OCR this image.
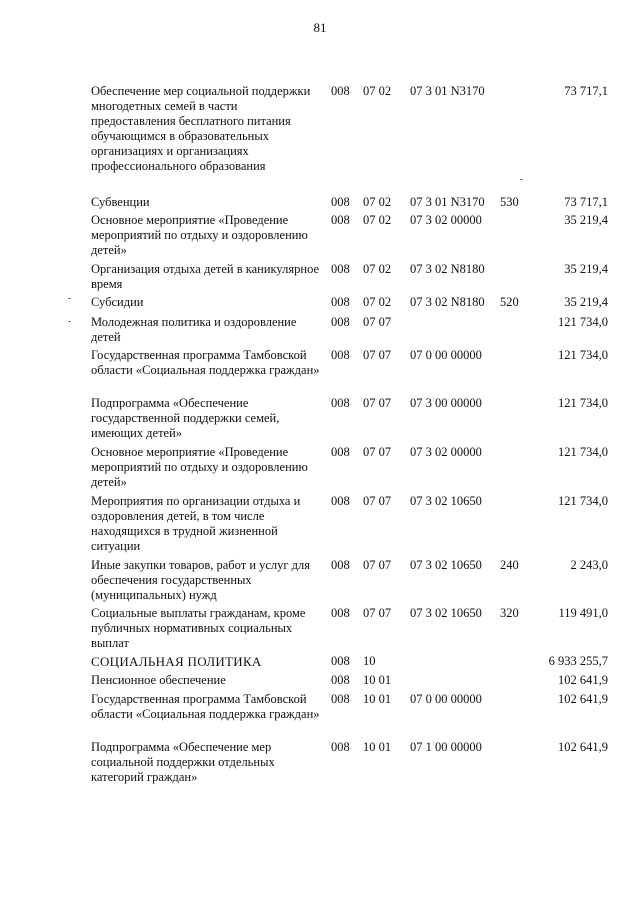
81
Обеспечение мер социальной поддержки многодетных семей в части предоставления бесплатного питания обучающимся в образовательных организациях и организациях профессионального образования
008 07 02 07 3 01 N3170	73 717,1
Субвенции	008 07 02 07 3 01 N3170 530	73 717,1
Основное мероприятие «Проведение мероприятий по отдыху и оздоровлению детей»
008 07 02 07 3 02 00000	35 219,4
Организация отдыха детей в каникулярное время
008 07 02 07 3 02 N8180	35 219,4
Субсидии	008 07 02 07 3 02 N8180 520	35 219,4
Молодежная политика и оздоровление детей
008 07 07	121 734,0
Государственная программа Тамбовской области «Социальная поддержка граждан»
008 07 07 07 0 00 00000	121 734,0
Подпрограмма «Обеспечение государственной поддержки семей, имеющих детей»
008 07 07 07 3 00 00000	121 734,0
Основное мероприятие «Проведение мероприятий по отдыху и оздоровлению детей»
008 07 07 07 3 02 00000	121 734,0
Мероприятия по организации отдыха и оздоровления детей, в том числе находящихся в трудной жизненной ситуации
008 07 07 07 3 02 10650	121 734,0
Иные закупки товаров, работ и услуг для обеспечения государственных (муниципальных) нужд
008 07 07 07 3 02 10650 240	2 243,0
Социальные выплаты гражданам, кроме публичных нормативных социальных выплат
008 07 07 07 3 02 10650 320	119 491,0
СОЦИАЛЬНАЯ ПОЛИТИКА	008 10	6 933 255,7
Пенсионное обеспечение	008 10 01	102 641,9
Государственная программа Тамбовской области «Социальная поддержка граждан»
008 10 01 07 0 00 00000	102 641,9
Подпрограмма «Обеспечение мер социальной поддержки отдельных категорий граждан»
008 10 01 07 1 00 00000	102 641,9
